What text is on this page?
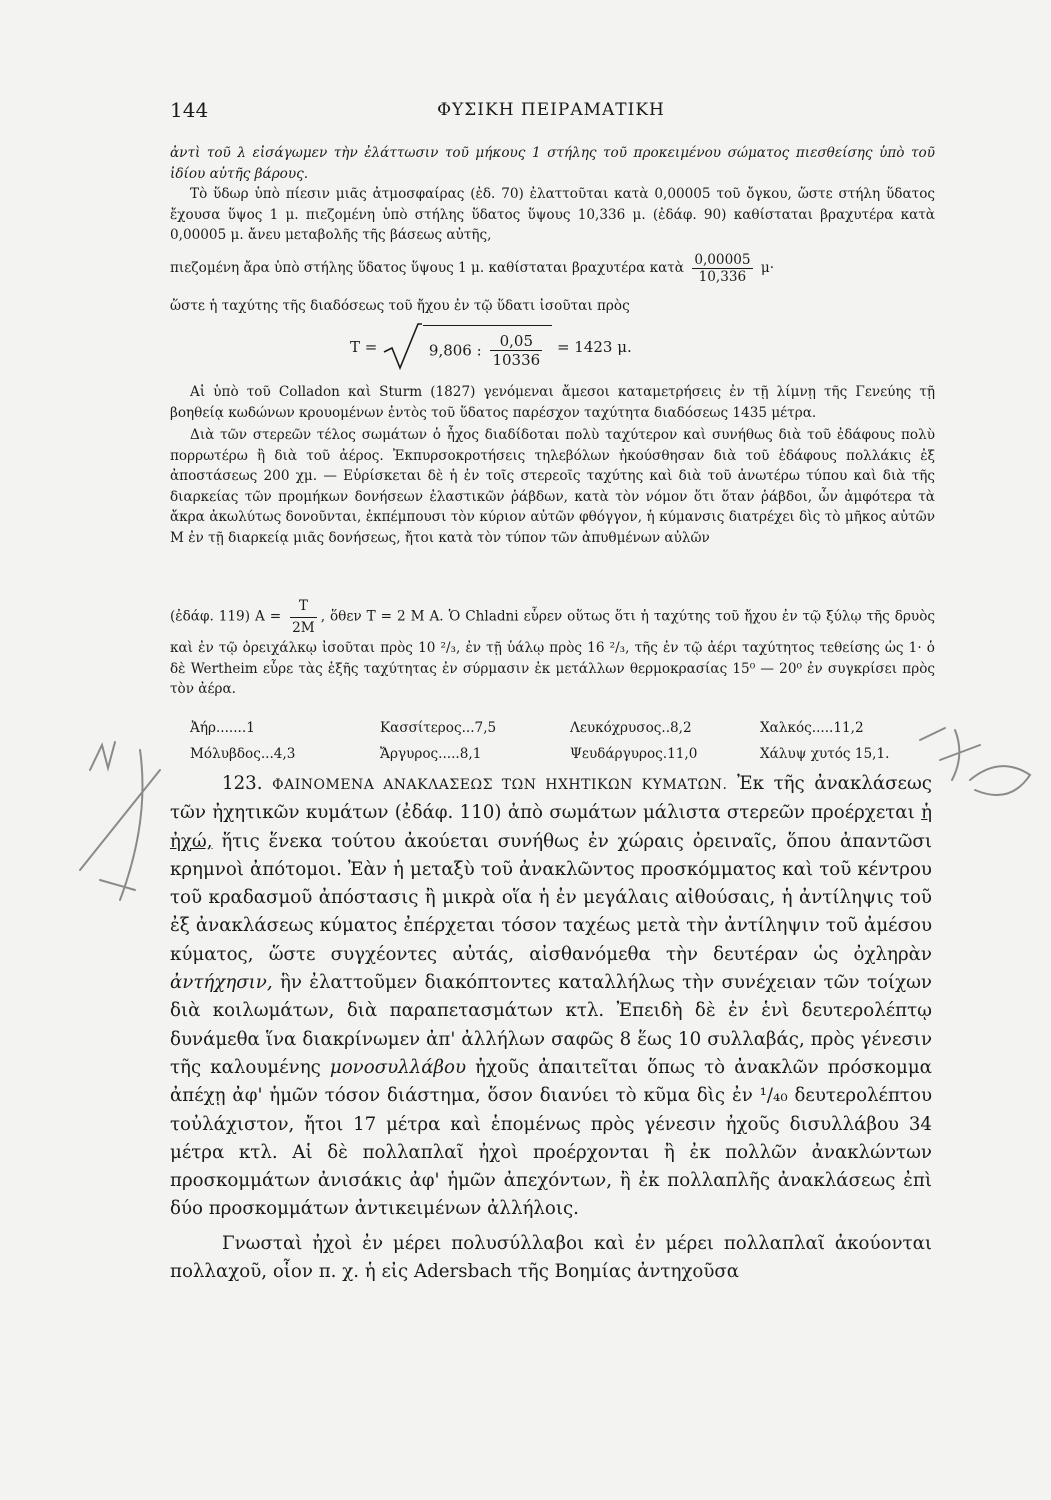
144	ΦΥΣΙΚΗ ΠΕΙΡΑΜΑΤΙΚΗ

ἀντὶ τοῦ λ εἰσάγωμεν τὴν ἐλάττωσιν τοῦ μήκους 1 στήλης τοῦ προκειμένου σώματος πιεσθείσης ὑπὸ τοῦ ἰδίου αὐτῆς βάρους.

Τὸ ὕδωρ ὑπὸ πίεσιν μιᾶς ἀτμοσφαίρας (ἐδ. 70) ἐλαττοῦται κατὰ 0,00005 τοῦ ὄγκου, ὥστε στήλη ὕδατος ἔχουσα ὕψος 1 μ. πιεζομένη ὑπὸ στήλης ὕδατος ὕψους 10,336 μ. (ἐδάφ. 90) καθίσταται βραχυτέρα κατὰ 0,00005 μ. ἄνευ μεταβολῆς τῆς βάσεως αὐτῆς,

πιεζομένη ἄρα ὑπὸ στήλης ὕδατος ὕψους 1 μ. καθίσταται βραχυτέρα κατὰ $\frac{0,00005}{10,336} \mu\cdot$

ὥστε ἡ ταχύτης τῆς διαδόσεως τοῦ ἤχου ἐν τῷ ὕδατι ἰσοῦται πρὸς

T =	9,806 : $\frac{0,05}{10336} = 1423$ μ.

Αἱ ὑπὸ τοῦ Colladon καὶ Sturm (1827) γενόμεναι ἄμεσοι καταμετρήσεις ἐν τῇ λίμνῃ τῆς Γενεύης τῇ βοηθείᾳ κωδώνων κρουομένων ἐντὸς τοῦ ὕδατος παρέσχον ταχύτητα διαδόσεως 1435 μέτρα.

Διὰ τῶν στερεῶν τέλος σωμάτων ὁ ἦχος διαδίδοται πολὺ ταχύτερον καὶ συνήθως διὰ τοῦ ἐδάφους πολὺ πορρωτέρω ἢ διὰ τοῦ ἀέρος. Ἐκπυρσοκροτήσεις τηλεβόλων ἠκούσθησαν διὰ τοῦ ἐδάφους πολλάκις ἐξ ἀποστάσεως 200 χμ. — Εὑρίσκεται δὲ ἡ ἐν τοῖς στερεοῖς ταχύτης καὶ διὰ τοῦ ἀνωτέρω τύπου καὶ διὰ τῆς διαρκείας τῶν προμήκων δονήσεων ἐλαστικῶν ῥάβδων, κατὰ τὸν νόμον ὅτι ὅταν ῥάβδοι, ὧν ἀμφότερα τὰ ἄκρα ἀκωλύτως δονοῦνται, ἐκπέμπουσι τὸν κύριον αὐτῶν φθόγγον, ἡ κύμανσις διατρέχει δὶς τὸ μῆκος αὐτῶν Μ ἐν τῇ διαρκείᾳ μιᾶς δονήσεως, ἤτοι κατὰ τὸν τύπον τῶν ἀπυθμένων αὐλῶν

(ἐδάφ. 119) $A = \frac{T}{2M}$ , ὅθεν T = 2 M A. Ὁ Chladni εὗρεν οὕτως ὅτι ἡ ταχύτης τοῦ ἤχου ἐν τῷ ξύλῳ τῆς δρυὸς καὶ ἐν τῷ ὀρειχάλκῳ ἰσοῦται πρὸς 10 ²/₃, ἐν τῇ ὑάλῳ πρὸς 16 ²/₃, τῆς ἐν τῷ ἀέρι ταχύτητος τεθείσης ὡς 1· ὁ δὲ Wertheim εὗρε τὰς ἑξῆς ταχύτητας ἐν σύρμασιν ἐκ μετάλλων θερμοκρασίας 15⁰ — 20⁰ ἐν συγκρίσει πρὸς τὸν ἀέρα.

Ἀήρ.......1	Κασσίτερος...7,5	Λευκόχρυσος..8,2	Χαλκός.....11,2
Μόλυβδος...4,3	Ἄργυρος.....8,1	Ψευδάργυρος.11,0	Χάλυψ χυτός 15,1.

123. ΦΑΙΝΟΜΕΝΑ ΑΝΑΚΛΑΣΕΩΣ ΤΩΝ ΗΧΗΤΙΚΩΝ ΚΥΜΑΤΩΝ. Ἐκ τῆς ἀνακλάσεως τῶν ἠχητικῶν κυμάτων (ἐδάφ. 110) ἀπὸ σωμάτων μάλιστα στερεῶν προέρχεται ἡ ἠχώ, ἥτις ἕνεκα τούτου ἀκούεται συνήθως ἐν χώραις ὀρειναῖς, ὅπου ἀπαντῶσι κρημνοὶ ἀπότομοι. Ἐὰν ἡ μεταξὺ τοῦ ἀνακλῶντος προσκόμματος καὶ τοῦ κέντρου τοῦ κραδασμοῦ ἀπόστασις ἢ μικρὰ οἵα ἡ ἐν μεγάλαις αἰθούσαις, ἡ ἀντίληψις τοῦ ἐξ ἀνακλάσεως κύματος ἐπέρχεται τόσον ταχέως μετὰ τὴν ἀντίληψιν τοῦ ἀμέσου κύματος, ὥστε συγχέοντες αὐτάς, αἰσθανόμεθα τὴν δευτέραν ὡς ὀχληρὰν ἀντήχησιν, ἣν ἐλαττοῦμεν διακόπτοντες καταλλήλως τὴν συνέχειαν τῶν τοίχων διὰ κοιλωμάτων, διὰ παραπετασμάτων κτλ. Ἐπειδὴ δὲ ἐν ἑνὶ δευτερολέπτῳ δυνάμεθα ἵνα διακρίνωμεν ἀπ' ἀλλήλων σαφῶς 8 ἕως 10 συλλαβάς, πρὸς γένεσιν τῆς καλουμένης μονοσυλλάβου ἠχοῦς ἀπαιτεῖται ὅπως τὸ ἀνακλῶν πρόσκομμα ἀπέχῃ ἀφ' ἡμῶν τόσον διάστημα, ὅσον διανύει τὸ κῦμα δὶς ἐν ¹/₄₀ δευτερολέπτου τοὐλάχιστον, ἤτοι 17 μέτρα καὶ ἑπομένως πρὸς γένεσιν ἠχοῦς δισυλλάβου 34 μέτρα κτλ. Αἱ δὲ πολλαπλαῖ ἠχοὶ προέρχονται ἢ ἐκ πολλῶν ἀνακλώντων προσκομμάτων ἀνισάκις ἀφ' ἡμῶν ἀπεχόντων, ἢ ἐκ πολλαπλῆς ἀνακλάσεως ἐπὶ δύο προσκομμάτων ἀντικειμένων ἀλλήλοις.

Γνωσταὶ ἠχοὶ ἐν μέρει πολυσύλλαβοι καὶ ἐν μέρει πολλαπλαῖ ἀκούονται πολλαχοῦ, οἷον π. χ. ἡ εἰς Adersbach τῆς Βοημίας ἀντηχοῦσα
